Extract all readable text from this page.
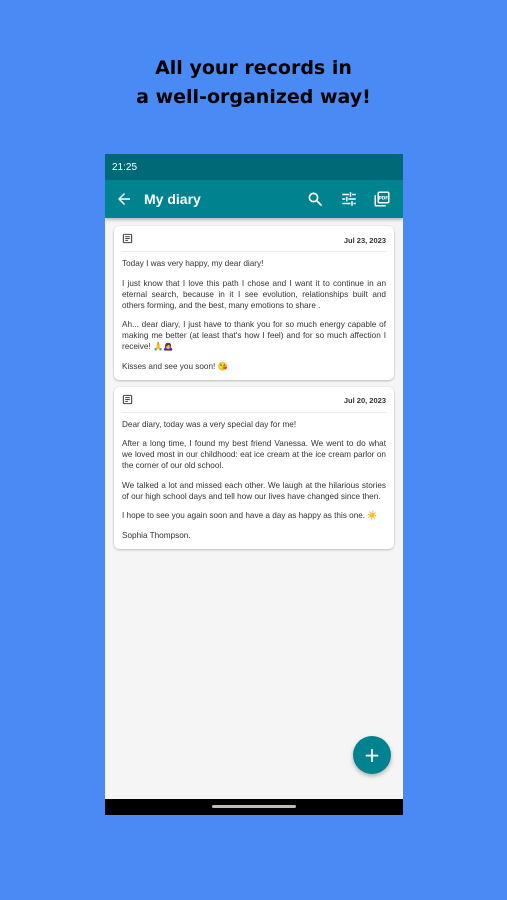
All your records in
a well-organized way!
21:25
My diary	PDF
Jul 23, 2023

Today I was very happy, my dear diary!

I just know that I love this path I chose and I want it to continue in an eternal search, because in it I see evolution, relationships built and others forming, and the best, many emotions to share .

Ah... dear diary, I just have to thank you for so much energy capable of making me better (at least that's how I feel) and for so much affection I receive! 🙏🙇‍♀️

Kisses and see you soon! 😘

Jul 20, 2023

Dear diary, today was a very special day for me!

After a long time, I found my best friend Vanessa. We went to do what we loved most in our childhood: eat ice cream at the ice cream parlor on the corner of our old school.

We talked a lot and missed each other. We laugh at the hilarious stories of our high school days and tell how our lives have changed since then.

I hope to see you again soon and have a day as happy as this one. ☀️

Sophia Thompson.

+
